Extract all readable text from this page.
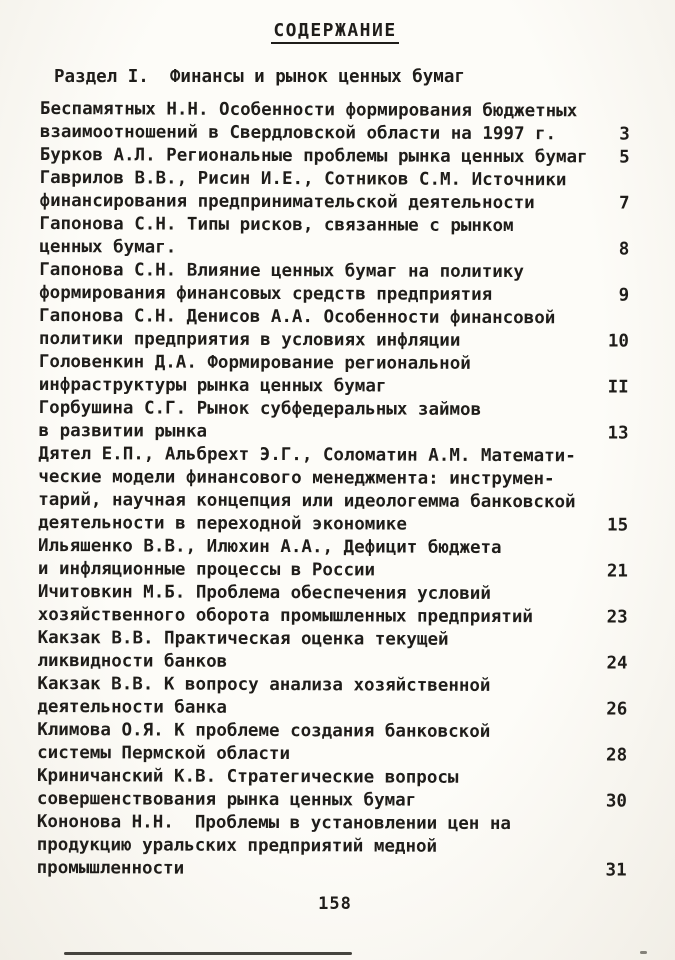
СОДЕРЖАНИЕ
Раздел I.  Финансы и рынок ценных бумаг
Беспамятных Н.Н. Особенности формирования бюджетных
взаимоотношений в Свердловской области на 1997 г.	3
Бурков А.Л. Региональные проблемы рынка ценных бумаг	5
Гаврилов В.В., Рисин И.Е., Сотников С.М. Источники
финансирования предпринимательской деятельности	7
Гапонова С.Н. Типы рисков, связанные с рынком
ценных бумаг.	8
Гапонова С.Н. Влияние ценных бумаг на политику
формирования финансовых средств предприятия	9
Гапонова С.Н. Денисов А.А. Особенности финансовой
политики предприятия в условиях инфляции	10
Головенкин Д.А. Формирование региональной
инфраструктуры рынка ценных бумаг	II
Горбушина С.Г. Рынок субфедеральных займов
в развитии рынка	13
Дятел Е.П., Альбрехт Э.Г., Соломатин А.М. Математи-
ческие модели финансового менеджмента: инструмен-
тарий, научная концепция или идеологемма банковской
деятельности в переходной экономике	15
Ильяшенко В.В., Илюхин А.А., Дефицит бюджета
и инфляционные процессы в России	21
Ичитовкин М.Б. Проблема обеспечения условий
хозяйственного оборота промышленных предприятий	23
Какзак В.В. Практическая оценка текущей
ликвидности банков	24
Какзак В.В. К вопросу анализа хозяйственной
деятельности банка	26
Климова О.Я. К проблеме создания банковской
системы Пермской области	28
Криничанский К.В. Стратегические вопросы
совершенствования рынка ценных бумаг	30
Кононова Н.Н.  Проблемы в установлении цен на
продукцию уральских предприятий медной
промышленности	31
158
